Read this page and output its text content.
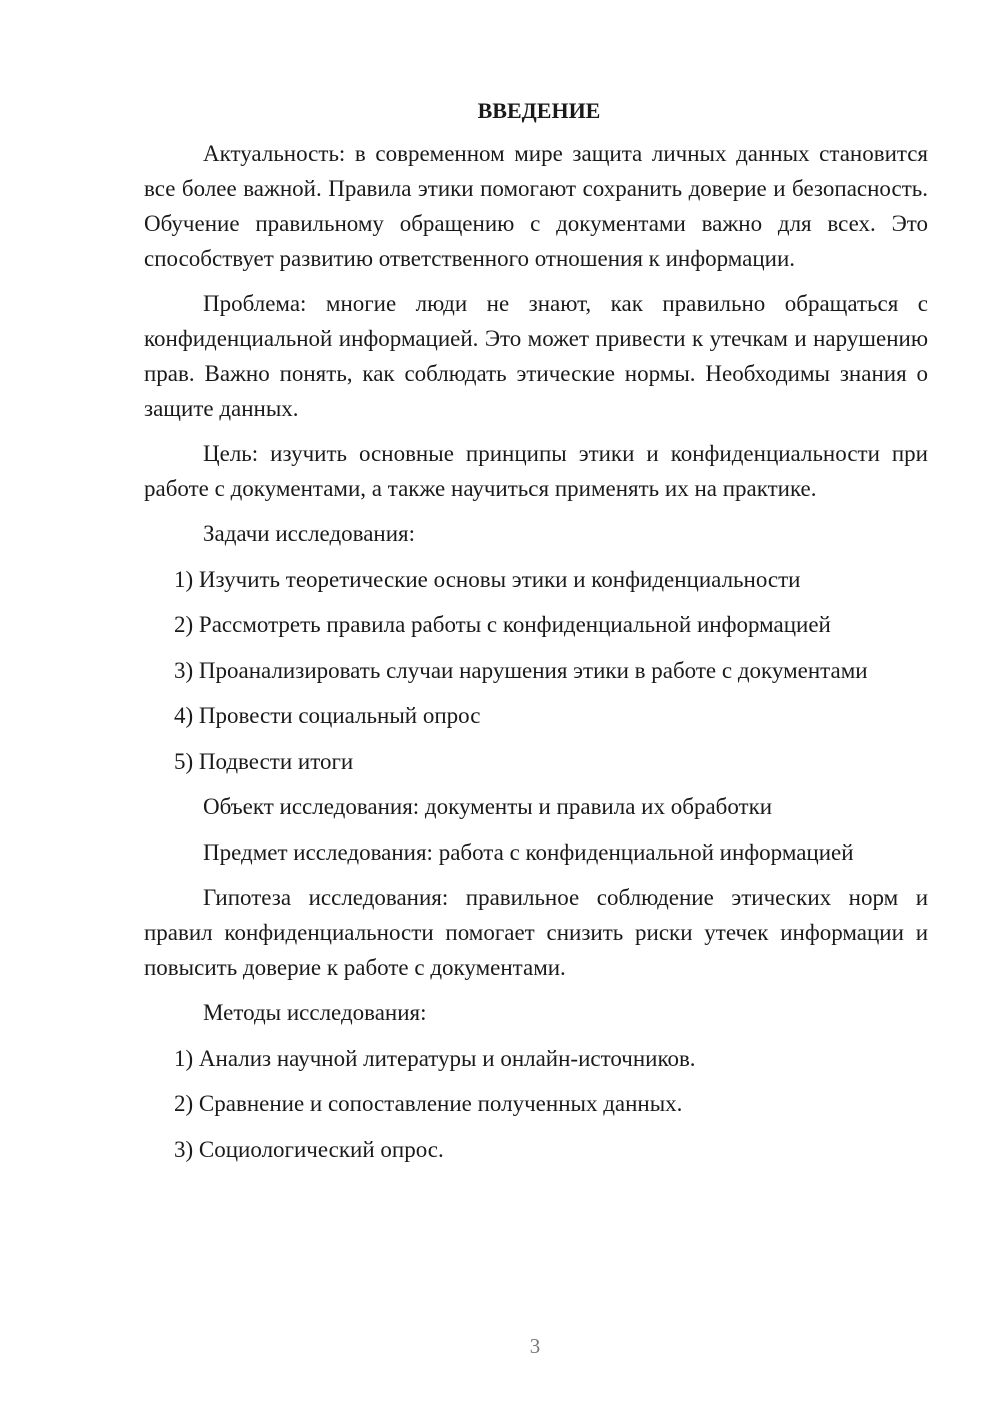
ВВЕДЕНИЕ

Актуальность: в современном мире защита личных данных становится все более важной. Правила этики помогают сохранить доверие и безопасность. Обучение правильному обращению с документами важно для всех. Это способствует развитию ответственного отношения к информации.

Проблема: многие люди не знают, как правильно обращаться с конфиденциальной информацией. Это может привести к утечкам и нарушению прав. Важно понять, как соблюдать этические нормы. Необходимы знания о защите данных.

Цель: изучить основные принципы этики и конфиденциальности при работе с документами, а также научиться применять их на практике.

Задачи исследования:

1) Изучить теоретические основы этики и конфиденциальности
2) Рассмотреть правила работы с конфиденциальной информацией
3) Проанализировать случаи нарушения этики в работе с документами
4) Провести социальный опрос
5) Подвести итоги

Объект исследования: документы и правила их обработки

Предмет исследования: работа с конфиденциальной информацией

Гипотеза исследования: правильное соблюдение этических норм и правил конфиденциальности помогает снизить риски утечек информации и повысить доверие к работе с документами.

Методы исследования:

1) Анализ научной литературы и онлайн-источников.
2) Сравнение и сопоставление полученных данных.
3) Социологический опрос.
3
